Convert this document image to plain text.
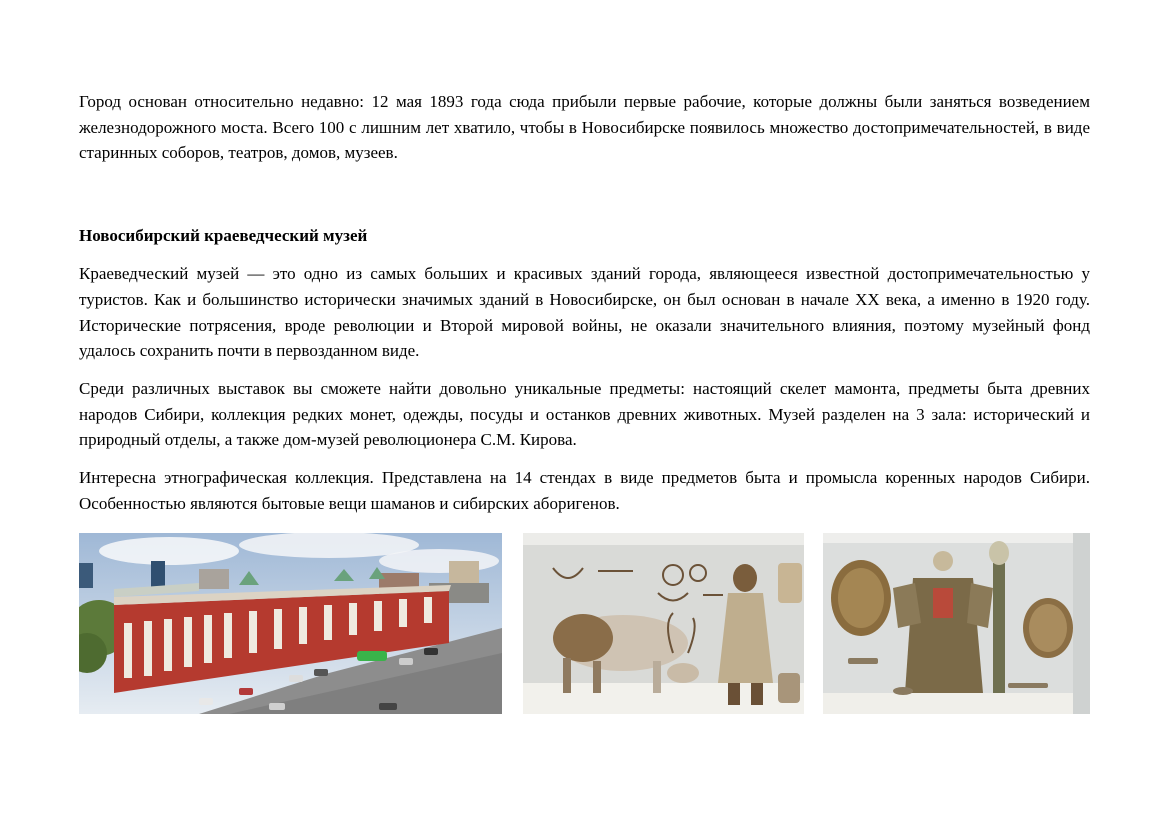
Город основан относительно недавно: 12 мая 1893 года сюда прибыли первые рабочие, которые должны были заняться возведением железнодорожного моста. Всего 100 с лишним лет хватило, чтобы в Новосибирске появилось множество достопримечательностей, в виде старинных соборов, театров, домов, музеев.

Новосибирский краеведческий музей

Краеведческий музей — это одно из самых больших и красивых зданий города, являющееся известной достопримечательностью у туристов. Как и большинство исторически значимых зданий в Новосибирске, он был основан в начале XX века, а именно в 1920 году. Исторические потрясения, вроде революции и Второй мировой войны, не оказали значительного влияния, поэтому музейный фонд удалось сохранить почти в первозданном виде.

Среди различных выставок вы сможете найти довольно уникальные предметы: настоящий скелет мамонта, предметы быта древних народов Сибири, коллекция редких монет, одежды, посуды и останков древних животных. Музей разделен на 3 зала: исторический и природный отделы, а также дом-музей революционера С.М. Кирова.

Интересна этнографическая коллекция. Представлена на 14 стендах в виде предметов быта и промысла коренных народов Сибири. Особенностью являются бытовые вещи шаманов и сибирских аборигенов.
